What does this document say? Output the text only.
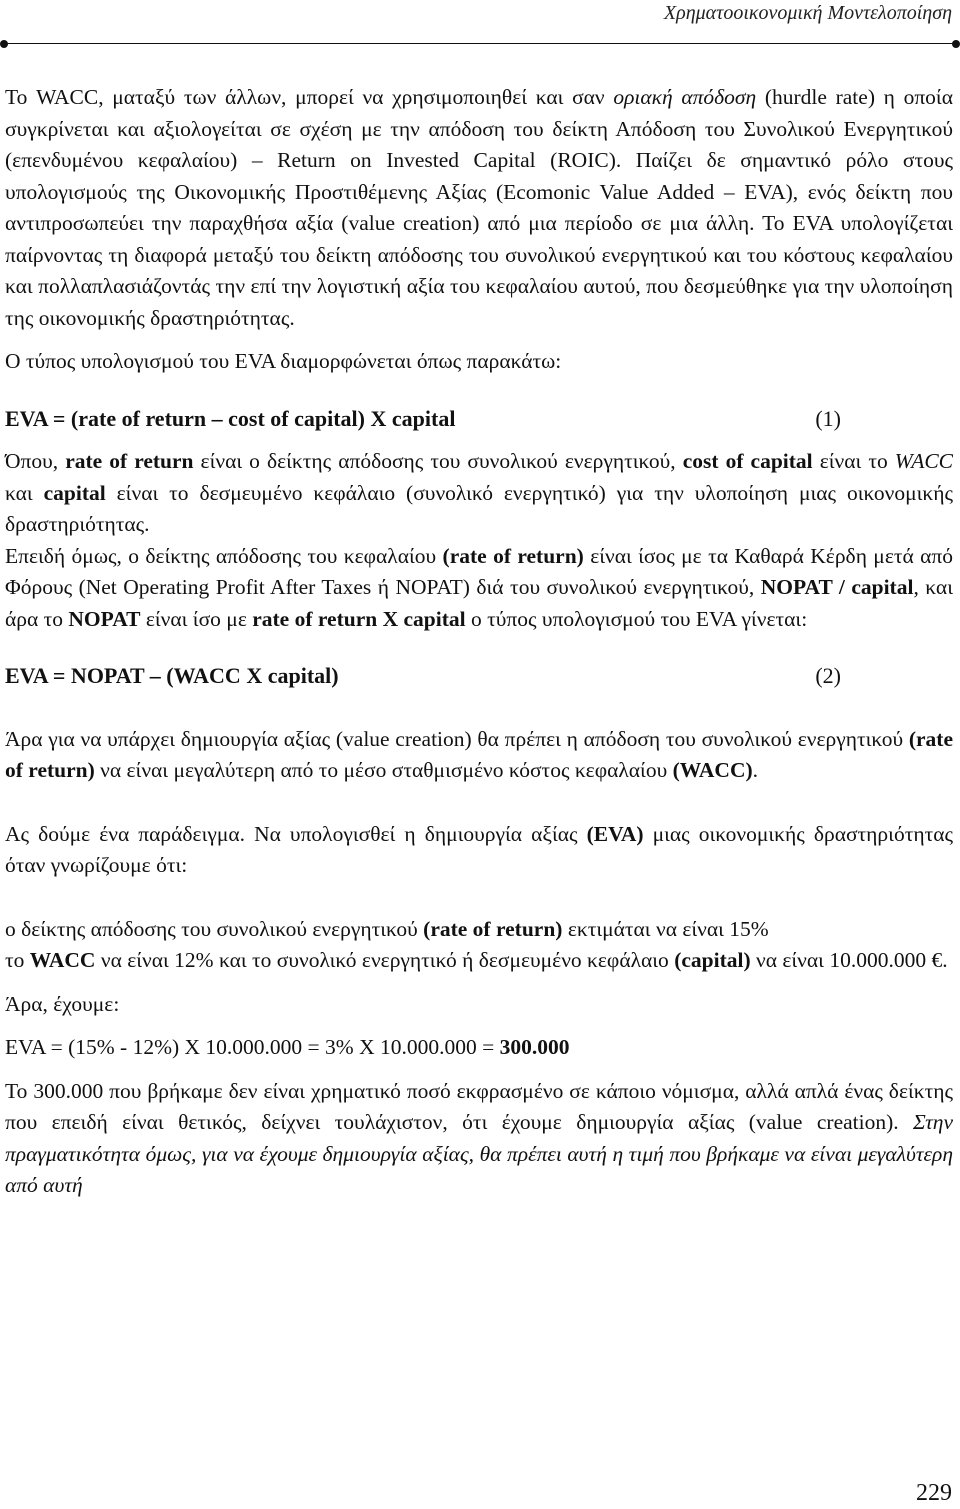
Χρηματοοικονομική Μοντελοποίηση

Το WACC, ματαξύ των άλλων, μπορεί να χρησιμοποιηθεί και σαν οριακή απόδοση (hurdle rate) η οποία συγκρίνεται και αξιολογείται σε σχέση με την απόδοση του δείκτη Απόδοση του Συνολικού Ενεργητικού (επενδυμένου κεφαλαίου) – Return on Invested Capital (ROIC). Παίζει δε σημαντικό ρόλο στους υπολογισμούς της Οικονομικής Προστιθέμενης Αξίας (Ecomonic Value Added – EVA), ενός δείκτη που αντιπροσωπεύει την παραχθήσα αξία (value creation) από μια περίοδο σε μια άλλη. Το EVA υπολογίζεται παίρνοντας τη διαφορά μεταξύ του δείκτη απόδοσης του συνολικού ενεργητικού και του κόστους κεφαλαίου και πολλαπλασιάζοντάς την επί την λογιστική αξία του κεφαλαίου αυτού, που δεσμεύθηκε για την υλοποίηση της οικονομικής δραστηριότητας.

Ο τύπος υπολογισμού του EVA διαμορφώνεται όπως παρακάτω:

EVA = (rate of return – cost of capital) X capital	(1)

Όπου, rate of return είναι ο δείκτης απόδοσης του συνολικού ενεργητικού, cost of capital είναι το WACC και capital είναι το δεσμευμένο κεφάλαιο (συνολικό ενεργητικό) για την υλοποίηση μιας οικονομικής δραστηριότητας.

Επειδή όμως, ο δείκτης απόδοσης του κεφαλαίου (rate of return) είναι ίσος με τα Καθαρά Κέρδη μετά από Φόρους (Net Operating Profit After Taxes ή NOPAT) διά του συνολικού ενεργητικού, NOPAT / capital, και άρα το NOPAT είναι ίσο με rate of return X capital ο τύπος υπολογισμού του EVA γίνεται:

EVA = NOPAT – (WACC X capital)	(2)

Άρα για να υπάρχει δημιουργία αξίας (value creation) θα πρέπει η απόδοση του συνολικού ενεργητικού (rate of return) να είναι μεγαλύτερη από το μέσο σταθμισμένο κόστος κεφαλαίου (WACC).

Ας δούμε ένα παράδειγμα. Να υπολογισθεί η δημιουργία αξίας (EVA) μιας οικονομικής δραστηριότητας όταν γνωρίζουμε ότι:

ο δείκτης απόδοσης του συνολικού ενεργητικού (rate of return) εκτιμάται να είναι 15%

το WACC να είναι 12% και το συνολικό ενεργητικό ή δεσμευμένο κεφάλαιο (capital) να είναι 10.000.000 €.

Άρα, έχουμε:

EVA = (15% - 12%) X 10.000.000 = 3% X 10.000.000 = 300.000

Το 300.000 που βρήκαμε δεν είναι χρηματικό ποσό εκφρασμένο σε κάποιο νόμισμα, αλλά απλά ένας δείκτης που επειδή είναι θετικός, δείχνει τουλάχιστον, ότι έχουμε δημιουργία αξίας (value creation). Στην πραγματικότητα όμως, για να έχουμε δημιουργία αξίας, θα πρέπει αυτή η τιμή που βρήκαμε να είναι μεγαλύτερη από αυτή

229
